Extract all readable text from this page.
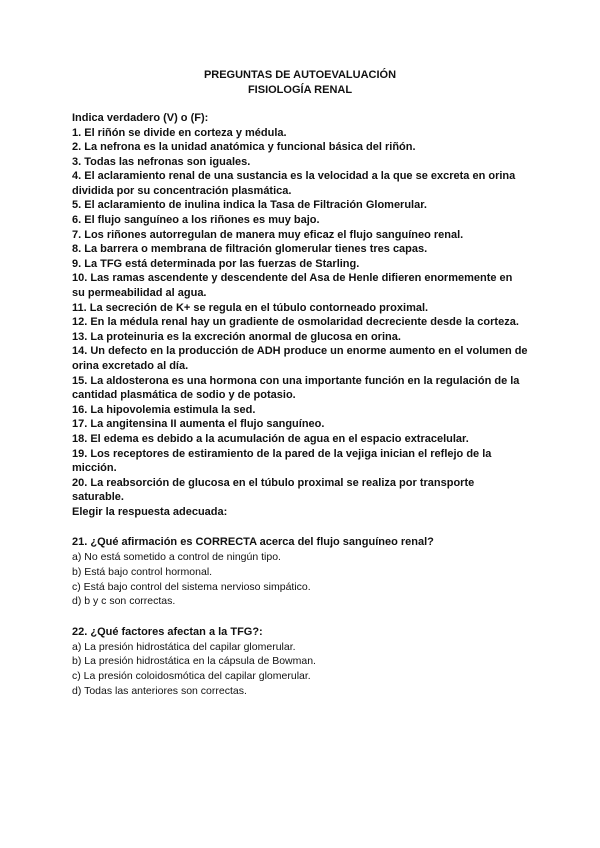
PREGUNTAS DE AUTOEVALUACIÓN
FISIOLOGÍA RENAL
Indica verdadero (V) o (F):
1. El riñón se divide en corteza y médula.
2. La nefrona es la unidad anatómica y funcional básica del riñón.
3. Todas las nefronas son iguales.
4. El aclaramiento renal de una sustancia es la velocidad a la que se excreta en orina dividida por su concentración plasmática.
5. El aclaramiento de inulina indica la Tasa de Filtración Glomerular.
6. El flujo sanguíneo a los riñones es muy bajo.
7. Los riñones autorregulan de manera muy eficaz el flujo sanguíneo renal.
8. La barrera o membrana de filtración glomerular tienes tres capas.
9. La TFG está determinada por las fuerzas de Starling.
10. Las ramas ascendente y descendente del Asa de Henle difieren enormemente en su permeabilidad al agua.
11. La secreción de K+ se regula en el túbulo contorneado proximal.
12. En la médula renal hay un gradiente de osmolaridad decreciente desde la corteza.
13. La proteinuria es la excreción anormal de glucosa en orina.
14. Un defecto en la producción de ADH produce un enorme aumento en el volumen de orina excretado al día.
15. La aldosterona es una hormona con una importante función en la regulación de la cantidad plasmática de sodio y de potasio.
16. La hipovolemia estimula la sed.
17. La angitensina II aumenta el flujo sanguíneo.
18. El edema es debido a la acumulación de agua en el espacio extracelular.
19. Los receptores de estiramiento de la pared de la vejiga inician el reflejo de la micción.
20. La reabsorción de glucosa en el túbulo proximal se realiza por transporte saturable.
Elegir la respuesta adecuada:
21. ¿Qué afirmación es CORRECTA acerca del flujo sanguíneo renal?
a) No está sometido a control de ningún tipo.
b) Está bajo control hormonal.
c) Está bajo control del sistema nervioso simpático.
d) b y c son correctas.
22. ¿Qué factores afectan a la TFG?:
a) La presión hidrostática del capilar glomerular.
b) La presión hidrostática en la cápsula de Bowman.
c) La presión coloidosmótica del capilar glomerular.
d) Todas las anteriores son correctas.
